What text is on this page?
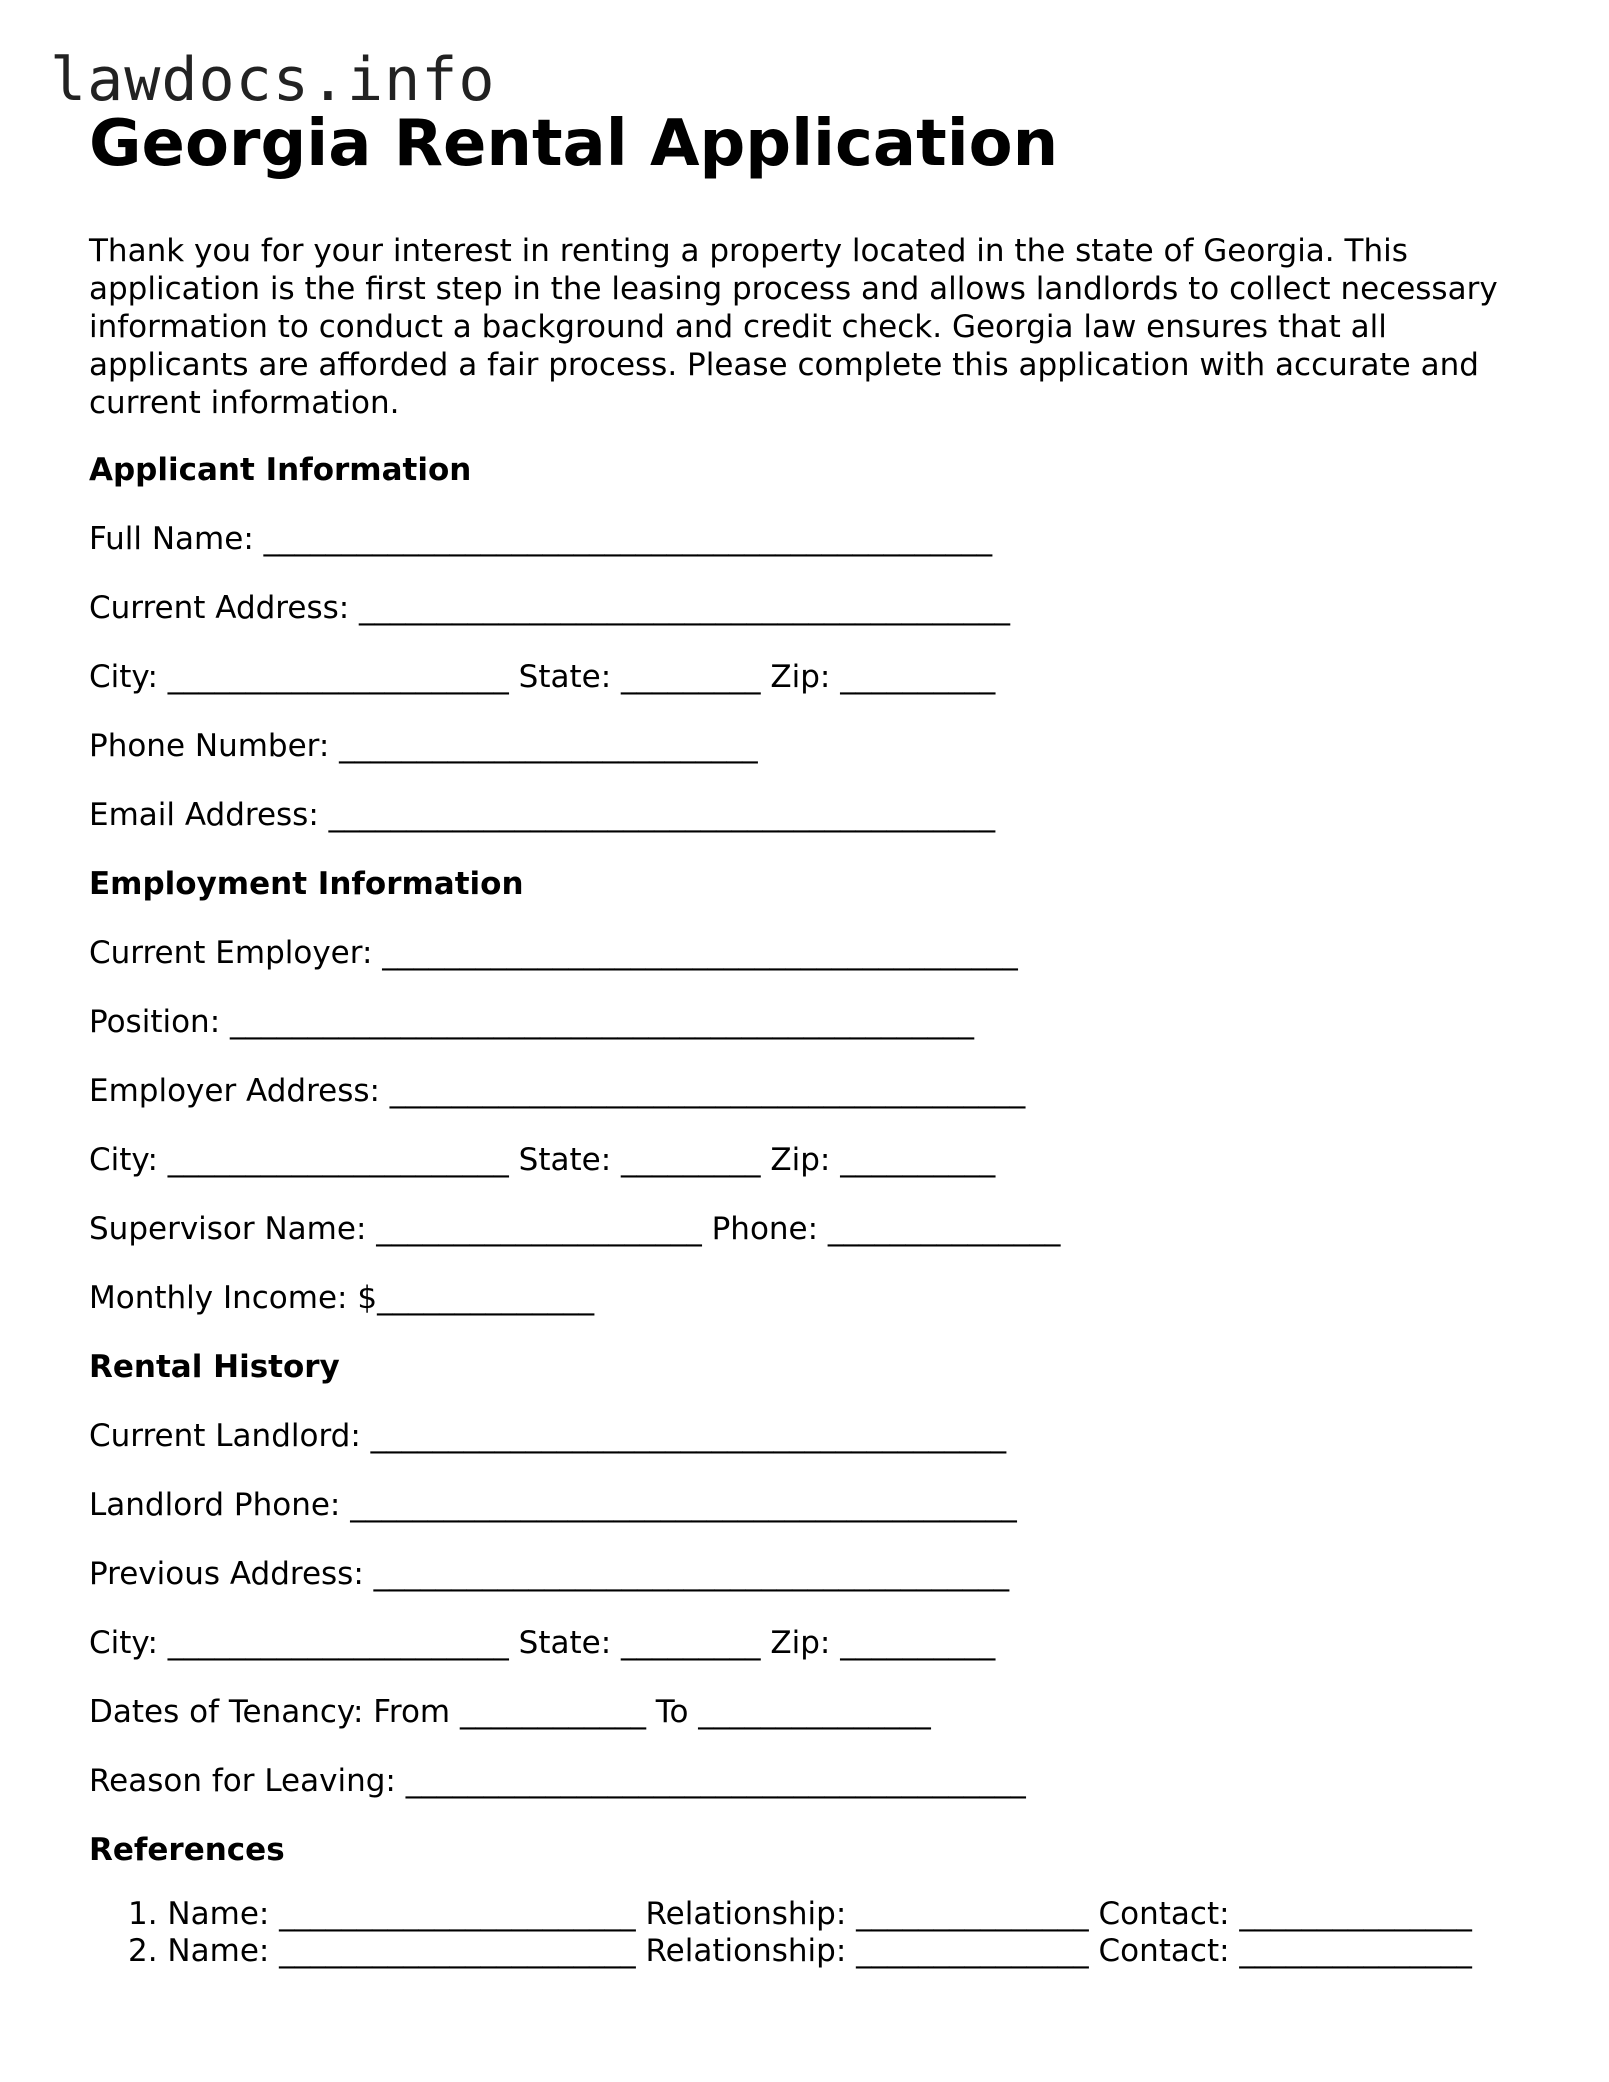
lawdocs.info
Georgia Rental Application

Thank you for your interest in renting a property located in the state of Georgia. This application is the first step in the leasing process and allows landlords to collect necessary information to conduct a background and credit check. Georgia law ensures that all applicants are afforded a fair process. Please complete this application with accurate and current information.

Applicant Information
Full Name: _______________________________________________
Current Address: __________________________________________
City: ______________________ State: _________ Zip: __________
Phone Number: ___________________________
Email Address: ___________________________________________
Employment Information
Current Employer: _________________________________________
Position: ________________________________________________
Employer Address: _________________________________________
City: ______________________ State: _________ Zip: __________
Supervisor Name: _____________________ Phone: _______________
Monthly Income: $______________
Rental History
Current Landlord: _________________________________________
Landlord Phone: ___________________________________________
Previous Address: _________________________________________
City: ______________________ State: _________ Zip: __________
Dates of Tenancy: From ____________ To _______________
Reason for Leaving: ________________________________________
References
1. Name: _______________________ Relationship: _______________ Contact: _______________
2. Name: _______________________ Relationship: _______________ Contact: _______________
